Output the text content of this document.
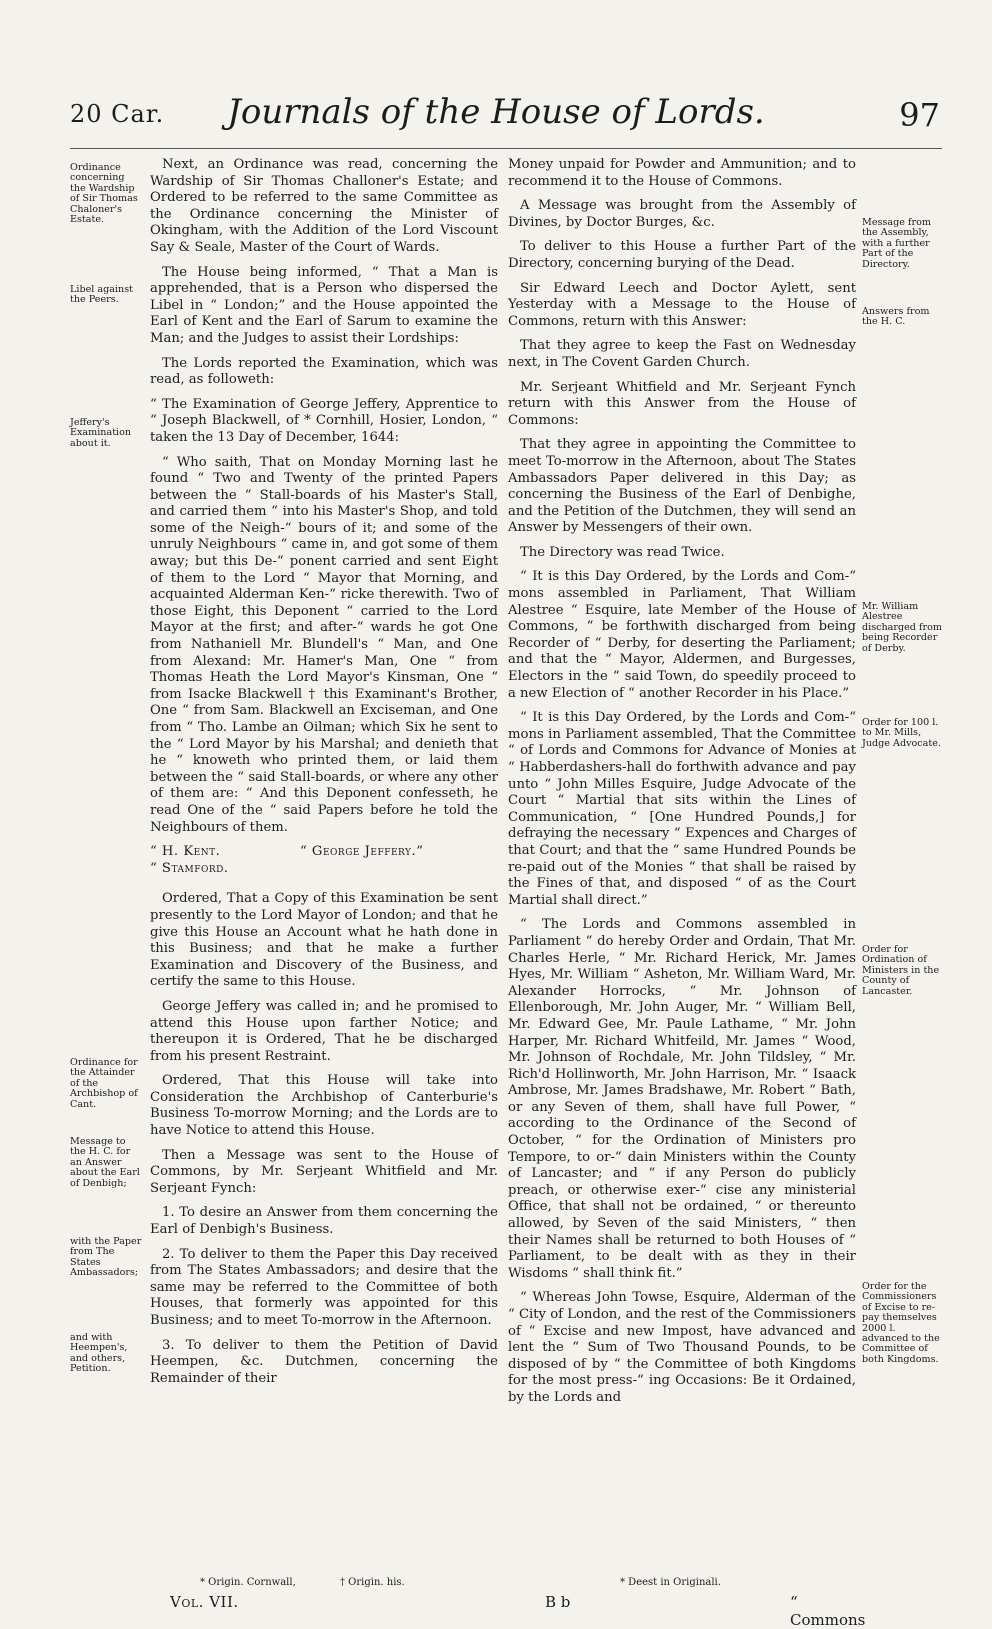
20 Car.	Journals of the House of Lords.	97
Ordinance concerning the Wardship of Sir Thomas Chaloner's Estate.
Libel against the Peers.
Jeffery's Examination about it.
Ordinance for the Attainder of the Archbishop of Cant.
Message to the H. C. for an Answer about the Earl of Denbigh;
with the Paper from The States Ambassadors;
and with Heempen's, and others, Petition.
Message from the Assembly, with a further Part of the Directory.
Answers from the H. C.
Mr. William Alestree discharged from being Recorder of Derby.
Order for 100 l. to Mr. Mills, Judge Advocate.
Order for Ordination of Ministers in the County of Lancaster.
Order for the Commissioners of Excise to re-pay themselves 2000 l. advanced to the Committee of both Kingdoms.

Next, an Ordinance was read, concerning the Wardship of Sir Thomas Challoner's Estate; and Ordered to be referred to the same Committee as the Ordinance concerning the Minister of Okingham, with the Addition of the Lord Viscount Say & Seale, Master of the Court of Wards.

The House being informed, “ That a Man is apprehended, that is a Person who dispersed the Libel in “ London;” and the House appointed the Earl of Kent and the Earl of Sarum to examine the Man; and the Judges to assist their Lordships:

The Lords reported the Examination, which was read, as followeth:

“ The Examination of George Jeffery, Apprentice to “ Joseph Blackwell, of * Cornhill, Hosier, London, “ taken the 13 Day of December, 1644:

“ Who saith, That on Monday Morning last he found “ Two and Twenty of the printed Papers between the “ Stall-boards of his Master's Stall, and carried them “ into his Master's Shop, and told some of the Neigh-“ bours of it; and some of the unruly Neighbours “ came in, and got some of them away; but this De-“ ponent carried and sent Eight of them to the Lord “ Mayor that Morning, and acquainted Alderman Ken-“ ricke therewith. Two of those Eight, this Deponent “ carried to the Lord Mayor at the first; and after-“ wards he got One from Nathaniell Mr. Blundell's “ Man, and One from Alexand: Mr. Hamer's Man, One “ from Thomas Heath the Lord Mayor's Kinsman, One “ from Isacke Blackwell † this Examinant's Brother, One “ from Sam. Blackwell an Exciseman, and One from “ Tho. Lambe an Oilman; which Six he sent to the “ Lord Mayor by his Marshal; and denieth that he “ knoweth who printed them, or laid them between the “ said Stall-boards, or where any other of them are: “ And this Deponent confesseth, he read One of the “ said Papers before he told the Neighbours of them.

“ H. Kent.	“ George Jeffery.”
“ Stamford.

Ordered, That a Copy of this Examination be sent presently to the Lord Mayor of London; and that he give this House an Account what he hath done in this Business; and that he make a further Examination and Discovery of the Business, and certify the same to this House.

George Jeffery was called in; and he promised to attend this House upon farther Notice; and thereupon it is Ordered, That he be discharged from his present Restraint.

Ordered, That this House will take into Consideration the Archbishop of Canterburie's Business To-morrow Morning; and the Lords are to have Notice to attend this House.

Then a Message was sent to the House of Commons, by Mr. Serjeant Whitfield and Mr. Serjeant Fynch:

1. To desire an Answer from them concerning the Earl of Denbigh's Business.

2. To deliver to them the Paper this Day received from The States Ambassadors; and desire that the same may be referred to the Committee of both Houses, that formerly was appointed for this Business; and to meet To-morrow in the Afternoon.

3. To deliver to them the Petition of David Heempen, &c. Dutchmen, concerning the Remainder of their

Money unpaid for Powder and Ammunition; and to recommend it to the House of Commons.

A Message was brought from the Assembly of Divines, by Doctor Burges, &c.

To deliver to this House a further Part of the Directory, concerning burying of the Dead.

Sir Edward Leech and Doctor Aylett, sent Yesterday with a Message to the House of Commons, return with this Answer:

That they agree to keep the Fast on Wednesday next, in The Covent Garden Church.

Mr. Serjeant Whitfield and Mr. Serjeant Fynch return with this Answer from the House of Commons:

That they agree in appointing the Committee to meet To-morrow in the Afternoon, about The States Ambassadors Paper delivered in this Day; as concerning the Business of the Earl of Denbighe, and the Petition of the Dutchmen, they will send an Answer by Messengers of their own.

The Directory was read Twice.

“ It is this Day Ordered, by the Lords and Com-“ mons assembled in Parliament, That William Alestree “ Esquire, late Member of the House of Commons, “ be forthwith discharged from being Recorder of “ Derby, for deserting the Parliament; and that the “ Mayor, Aldermen, and Burgesses, Electors in the “ said Town, do speedily proceed to a new Election of “ another Recorder in his Place.”

“ It is this Day Ordered, by the Lords and Com-“ mons in Parliament assembled, That the Committee “ of Lords and Commons for Advance of Monies at “ Habberdashers-hall do forthwith advance and pay unto “ John Milles Esquire, Judge Advocate of the Court “ Martial that sits within the Lines of Communication, “ [One Hundred Pounds,] for defraying the necessary “ Expences and Charges of that Court; and that the “ same Hundred Pounds be re-paid out of the Monies “ that shall be raised by the Fines of that, and disposed “ of as the Court Martial shall direct.”

“ The Lords and Commons assembled in Parliament “ do hereby Order and Ordain, That Mr. Charles Herle, “ Mr. Richard Herick, Mr. James Hyes, Mr. William “ Asheton, Mr. William Ward, Mr. Alexander Horrocks, “ Mr. Johnson of Ellenborough, Mr. John Auger, Mr. “ William Bell, Mr. Edward Gee, Mr. Paule Lathame, “ Mr. John Harper, Mr. Richard Whitfeild, Mr. James “ Wood, Mr. Johnson of Rochdale, Mr. John Tildsley, “ Mr. Rich'd Hollinworth, Mr. John Harrison, Mr. “ Isaack Ambrose, Mr. James Bradshawe, Mr. Robert “ Bath, or any Seven of them, shall have full Power, “ according to the Ordinance of the Second of October, “ for the Ordination of Ministers pro Tempore, to or-“ dain Ministers within the County of Lancaster; and “ if any Person do publicly preach, or otherwise exer-“ cise any ministerial Office, that shall not be ordained, “ or thereunto allowed, by Seven of the said Ministers, “ then their Names shall be returned to both Houses of “ Parliament, to be dealt with as they in their Wisdoms “ shall think fit.”

“ Whereas John Towse, Esquire, Alderman of the “ City of London, and the rest of the Commissioners of “ Excise and new Impost, have advanced and lent the “ Sum of Two Thousand Pounds, to be disposed of by “ the Committee of both Kingdoms for the most press-“ ing Occasions: Be it Ordained, by the Lords and

* Origin. Cornwall,	† Origin. his.	* Deest in Originali.
Vol. VII.	B b	“ Commons
